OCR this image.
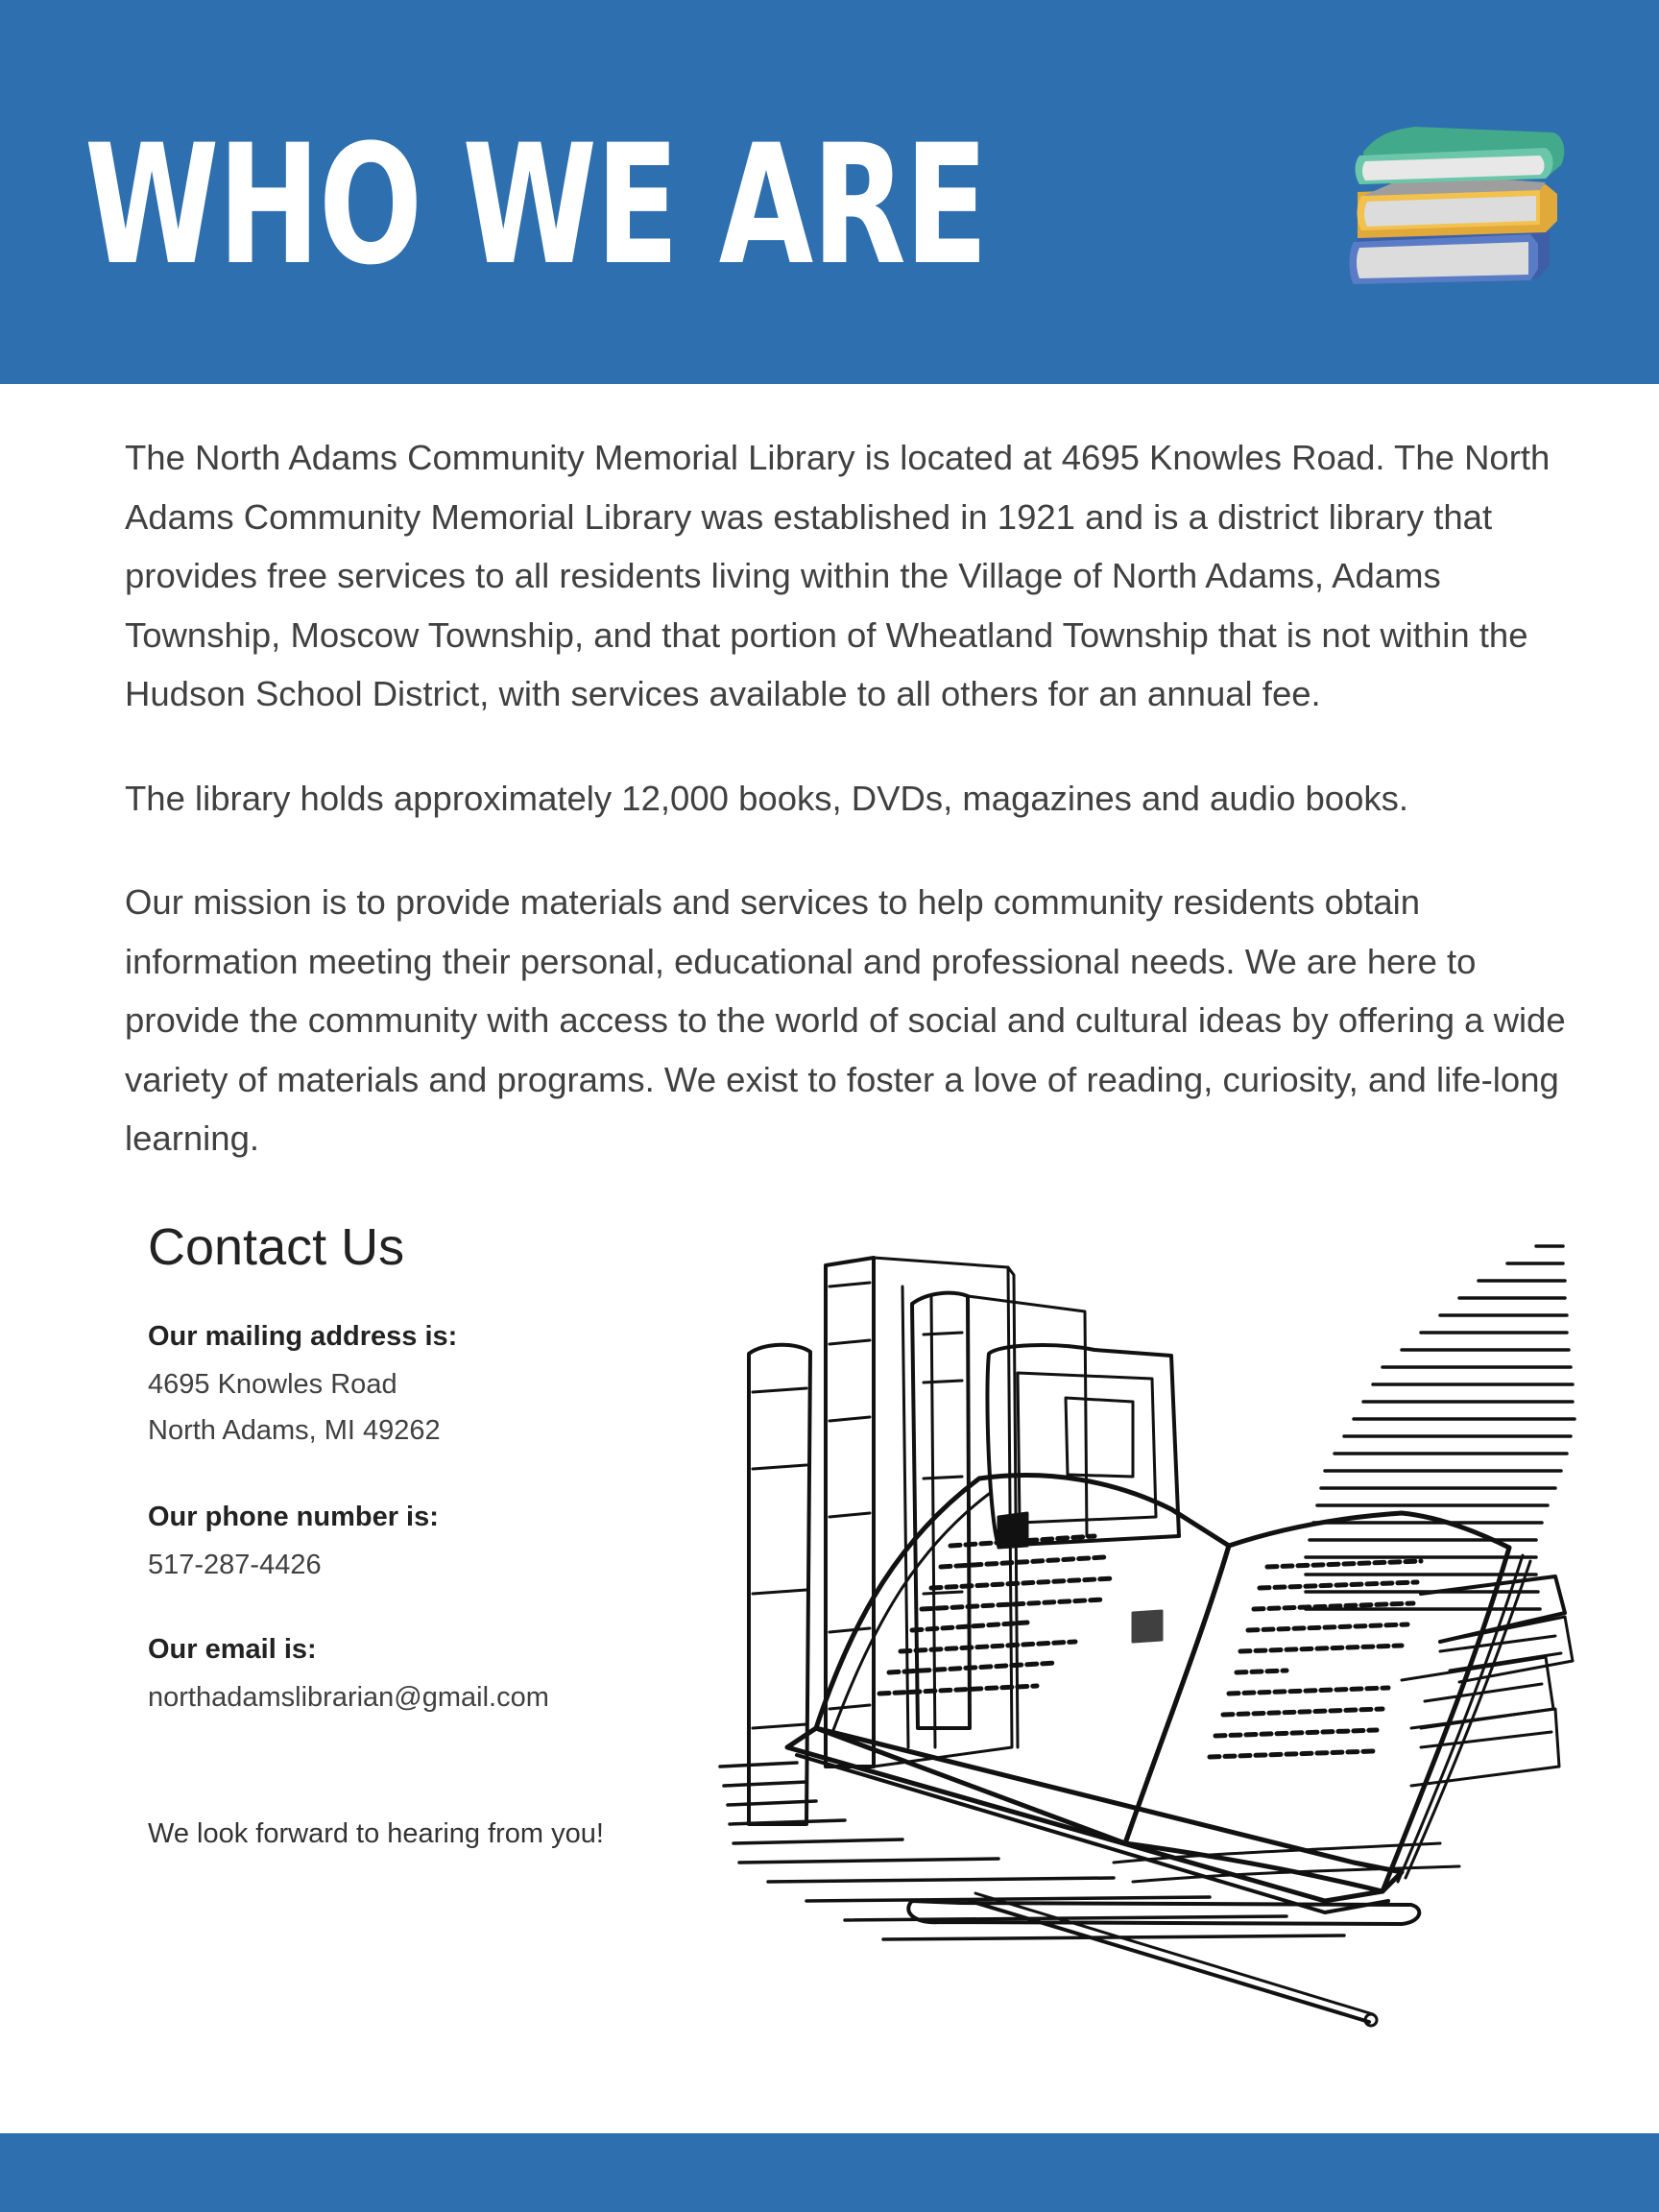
WHO WE ARE

The North Adams Community Memorial Library is located at 4695 Knowles Road. The North Adams Community Memorial Library was established in 1921 and is a district library that provides free services to all residents living within the Village of North Adams, Adams Township, Moscow Township, and that portion of Wheatland Township that is not within the Hudson School District, with services available to all others for an annual fee.

The library holds approximately 12,000 books, DVDs, magazines and audio books.

Our mission is to provide materials and services to help community residents obtain information meeting their personal, educational and professional needs. We are here to provide the community with access to the world of social and cultural ideas by offering a wide variety of materials and programs. We exist to foster a love of reading, curiosity, and life-long learning.

Contact Us
Our mailing address is:
4695 Knowles Road
North Adams, MI 49262
Our phone number is:
517-287-4426
Our email is:
northadamslibrarian@gmail.com
We look forward to hearing from you!
